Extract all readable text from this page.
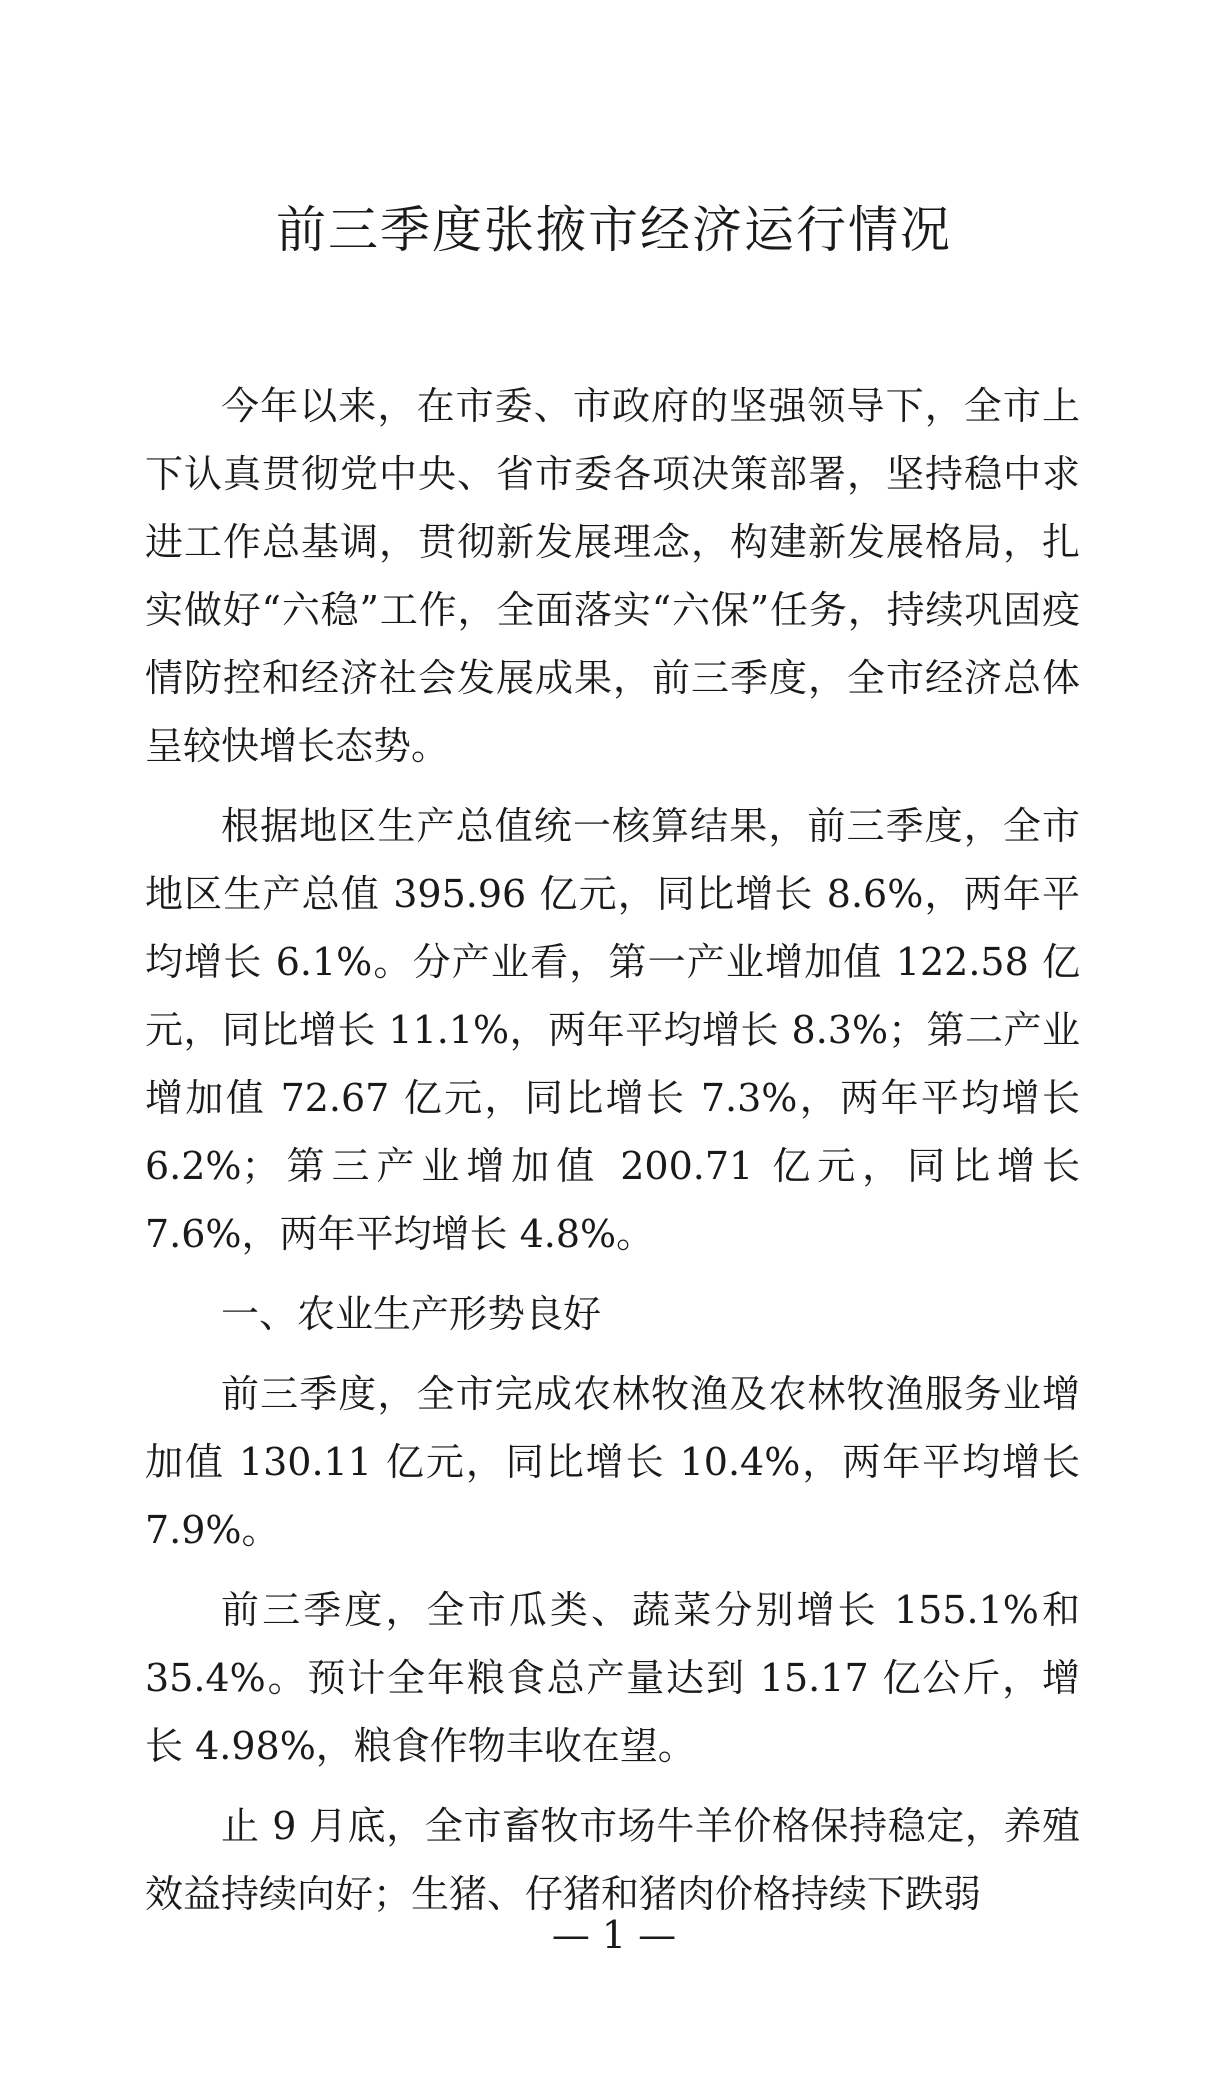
前三季度张掖市经济运行情况

今年以来，在市委、市政府的坚强领导下，全市上下认真贯彻党中央、省市委各项决策部署，坚持稳中求进工作总基调，贯彻新发展理念，构建新发展格局，扎实做好“六稳”工作，全面落实“六保”任务，持续巩固疫情防控和经济社会发展成果，前三季度，全市经济总体呈较快增长态势。

根据地区生产总值统一核算结果，前三季度，全市地区生产总值 395.96 亿元，同比增长 8.6%，两年平均增长 6.1%。分产业看，第一产业增加值 122.58 亿元，同比增长 11.1%，两年平均增长 8.3%；第二产业增加值 72.67 亿元，同比增长 7.3%，两年平均增长 6.2%；第三产业增加值 200.71 亿元，同比增长 7.6%，两年平均增长 4.8%。

一、农业生产形势良好

前三季度，全市完成农林牧渔及农林牧渔服务业增加值 130.11 亿元，同比增长 10.4%，两年平均增长 7.9%。

前三季度，全市瓜类、蔬菜分别增长 155.1%和 35.4%。预计全年粮食总产量达到 15.17 亿公斤，增长 4.98%，粮食作物丰收在望。

止 9 月底，全市畜牧市场牛羊价格保持稳定，养殖效益持续向好；生猪、仔猪和猪肉价格持续下跌弱

— 1 —
